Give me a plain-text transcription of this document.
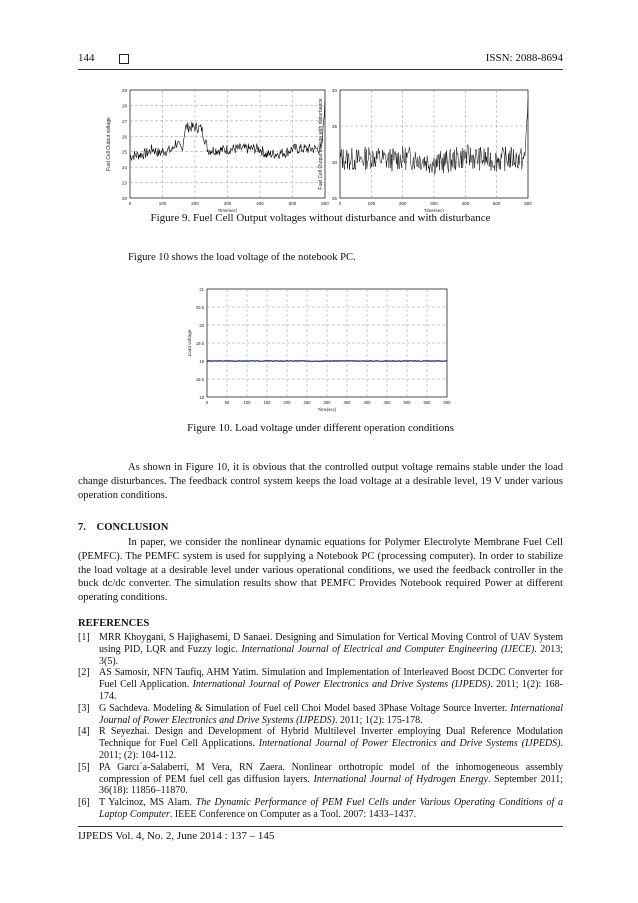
144	ISSN: 2088-8694
0	100	200	300	400	500	600
20
23
24
25
26
27
28
29
Time(sec)
Fuel Cell Output voltage
0	100	200	300	400	500	600
25
30
35
40
Time(sec)
Fuel Cell Output voltage with disturbance
Figure 9. Fuel Cell Output voltages without disturbance and with disturbance
Figure 10 shows the load voltage of the notebook PC.
0	50	100	150	200	250	300	350	400	450	500	550	600
18
18.5
19
19.5
20
20.5
21
Time(sec)
Load voltage
Figure 10. Load voltage under different operation conditions
As shown in Figure 10, it is obvious that the controlled output voltage remains stable under the load change disturbances. The feedback control system keeps the load voltage at a desirable level, 19 V under various operation conditions.
7. CONCLUSION
In paper, we consider the nonlinear dynamic equations for Polymer Electrolyte Membrane Fuel Cell (PEMFC). The PEMFC system is used for supplying a Notebook PC (processing computer). In order to stabilize the load voltage at a desirable level under various operational conditions, we used the feedback controller in the buck dc/dc converter. The simulation results show that PEMFC Provides Notebook required Power at different operating conditions.
REFERENCES
[1] MRR Khoygani, S Hajighasemi, D Sanaei. Designing and Simulation for Vertical Moving Control of UAV System using PID, LQR and Fuzzy logic. International Journal of Electrical and Computer Engineering (IJECE). 2013; 3(5).
[2] AS Samosir, NFN Taufiq, AHM Yatim. Simulation and Implementation of Interleaved Boost DCDC Converter for Fuel Cell Application. International Journal of Power Electronics and Drive Systems (IJPEDS). 2011; 1(2): 168-174.
[3] G Sachdeva. Modeling & Simulation of Fuel cell Choi Model based 3Phase Voltage Source Inverter. International Journal of Power Electronics and Drive Systems (IJPEDS). 2011; 1(2): 175-178.
[4] R Seyezhai. Design and Development of Hybrid Multilevel Inverter employing Dual Reference Modulation Technique for Fuel Cell Applications. International Journal of Power Electronics and Drive Systems (IJPEDS). 2011; (2): 104-112.
[5] PA Garcı´a-Salaberri, M Vera, RN Zaera. Nonlinear orthotropic model of the inhomogeneous assembly compression of PEM fuel cell gas diffusion layers. International Journal of Hydrogen Energy. September 2011; 36(18): 11856–11870.
[6] T Yalcinoz, MS Alam. The Dynamic Performance of PEM Fuel Cells under Various Operating Conditions of a Laptop Computer. IEEE Conference on Computer as a Tool. 2007: 1433–1437.
IJPEDS Vol. 4, No. 2, June 2014 : 137 – 145
